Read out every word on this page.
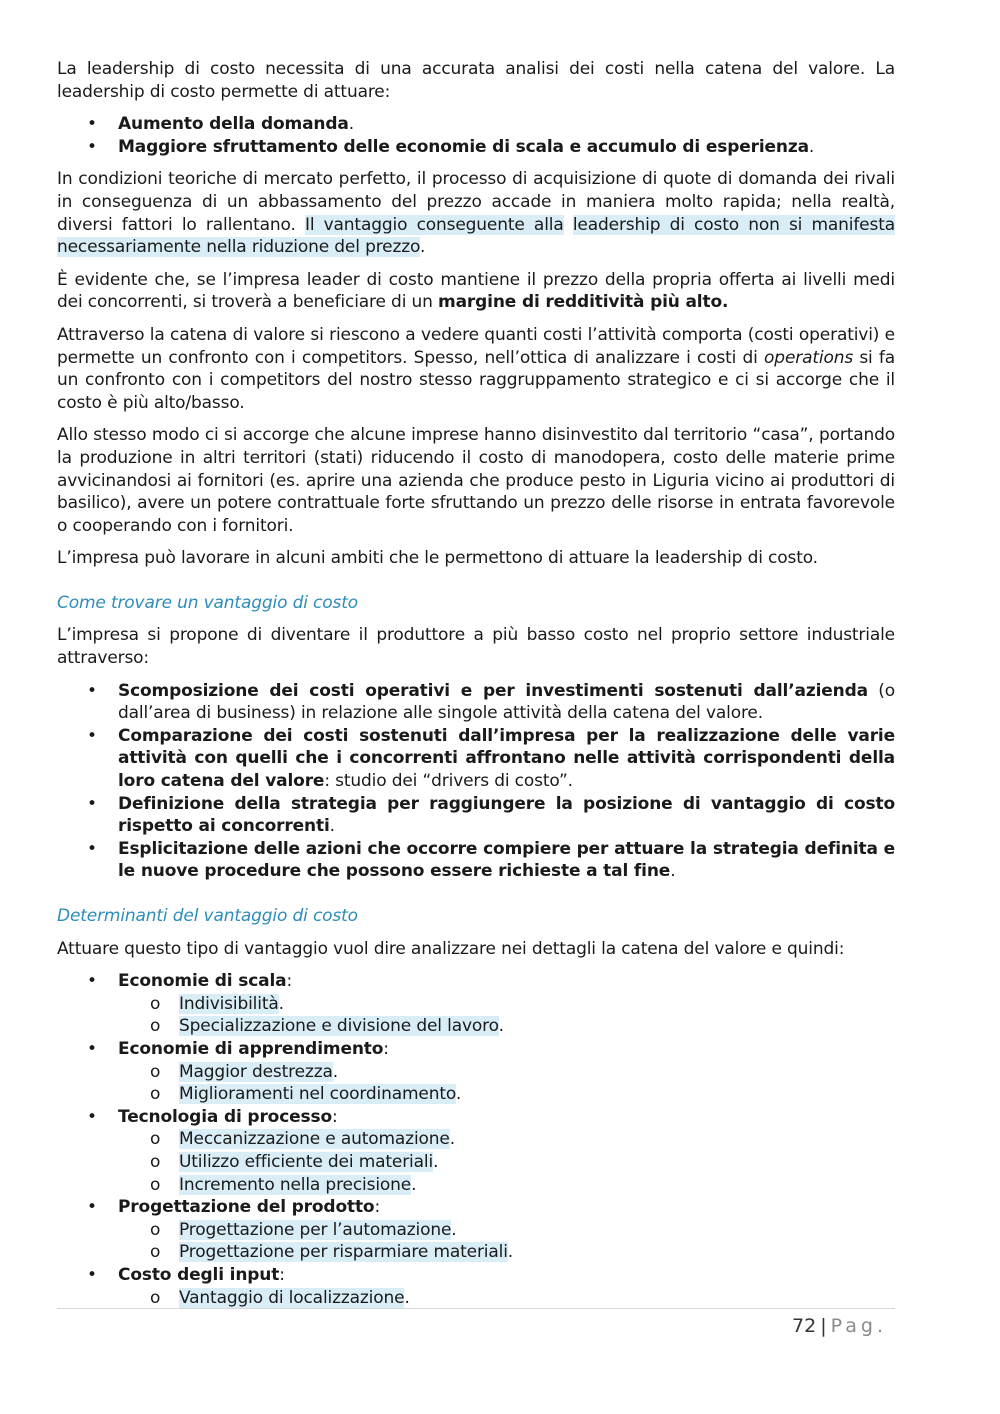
La leadership di costo necessita di una accurata analisi dei costi nella catena del valore. La leadership di costo permette di attuare:

• Aumento della domanda.
• Maggiore sfruttamento delle economie di scala e accumulo di esperienza.

In condizioni teoriche di mercato perfetto, il processo di acquisizione di quote di domanda dei rivali in conseguenza di un abbassamento del prezzo accade in maniera molto rapida; nella realtà, diversi fattori lo rallentano. Il vantaggio conseguente alla leadership di costo non si manifesta necessariamente nella riduzione del prezzo.

È evidente che, se l’impresa leader di costo mantiene il prezzo della propria offerta ai livelli medi dei concorrenti, si troverà a beneficiare di un margine di redditività più alto.

Attraverso la catena di valore si riescono a vedere quanti costi l’attività comporta (costi operativi) e permette un confronto con i competitors. Spesso, nell’ottica di analizzare i costi di operations si fa un confronto con i competitors del nostro stesso raggruppamento strategico e ci si accorge che il costo è più alto/basso.

Allo stesso modo ci si accorge che alcune imprese hanno disinvestito dal territorio “casa”, portando la produzione in altri territori (stati) riducendo il costo di manodopera, costo delle materie prime avvicinandosi ai fornitori (es. aprire una azienda che produce pesto in Liguria vicino ai produttori di basilico), avere un potere contrattuale forte sfruttando un prezzo delle risorse in entrata favorevole o cooperando con i fornitori.

L’impresa può lavorare in alcuni ambiti che le permettono di attuare la leadership di costo.

Come trovare un vantaggio di costo

L’impresa si propone di diventare il produttore a più basso costo nel proprio settore industriale attraverso:

• Scomposizione dei costi operativi e per investimenti sostenuti dall’azienda (o dall’area di business) in relazione alle singole attività della catena del valore.
• Comparazione dei costi sostenuti dall’impresa per la realizzazione delle varie attività con quelli che i concorrenti affrontano nelle attività corrispondenti della loro catena del valore: studio dei “drivers di costo”.
• Definizione della strategia per raggiungere la posizione di vantaggio di costo rispetto ai concorrenti.
• Esplicitazione delle azioni che occorre compiere per attuare la strategia definita e le nuove procedure che possono essere richieste a tal fine.
Determinanti del vantaggio di costo

Attuare questo tipo di vantaggio vuol dire analizzare nei dettagli la catena del valore e quindi:

• Economie di scala:
o Indivisibilità.
o Specializzazione e divisione del lavoro.
• Economie di apprendimento:
o Maggior destrezza.
o Miglioramenti nel coordinamento.
• Tecnologia di processo:
o Meccanizzazione e automazione.
o Utilizzo efficiente dei materiali.
o Incremento nella precisione.
• Progettazione del prodotto:
o Progettazione per l’automazione.
o Progettazione per risparmiare materiali.
• Costo degli input:
o Vantaggio di localizzazione.
72 | Pag.
